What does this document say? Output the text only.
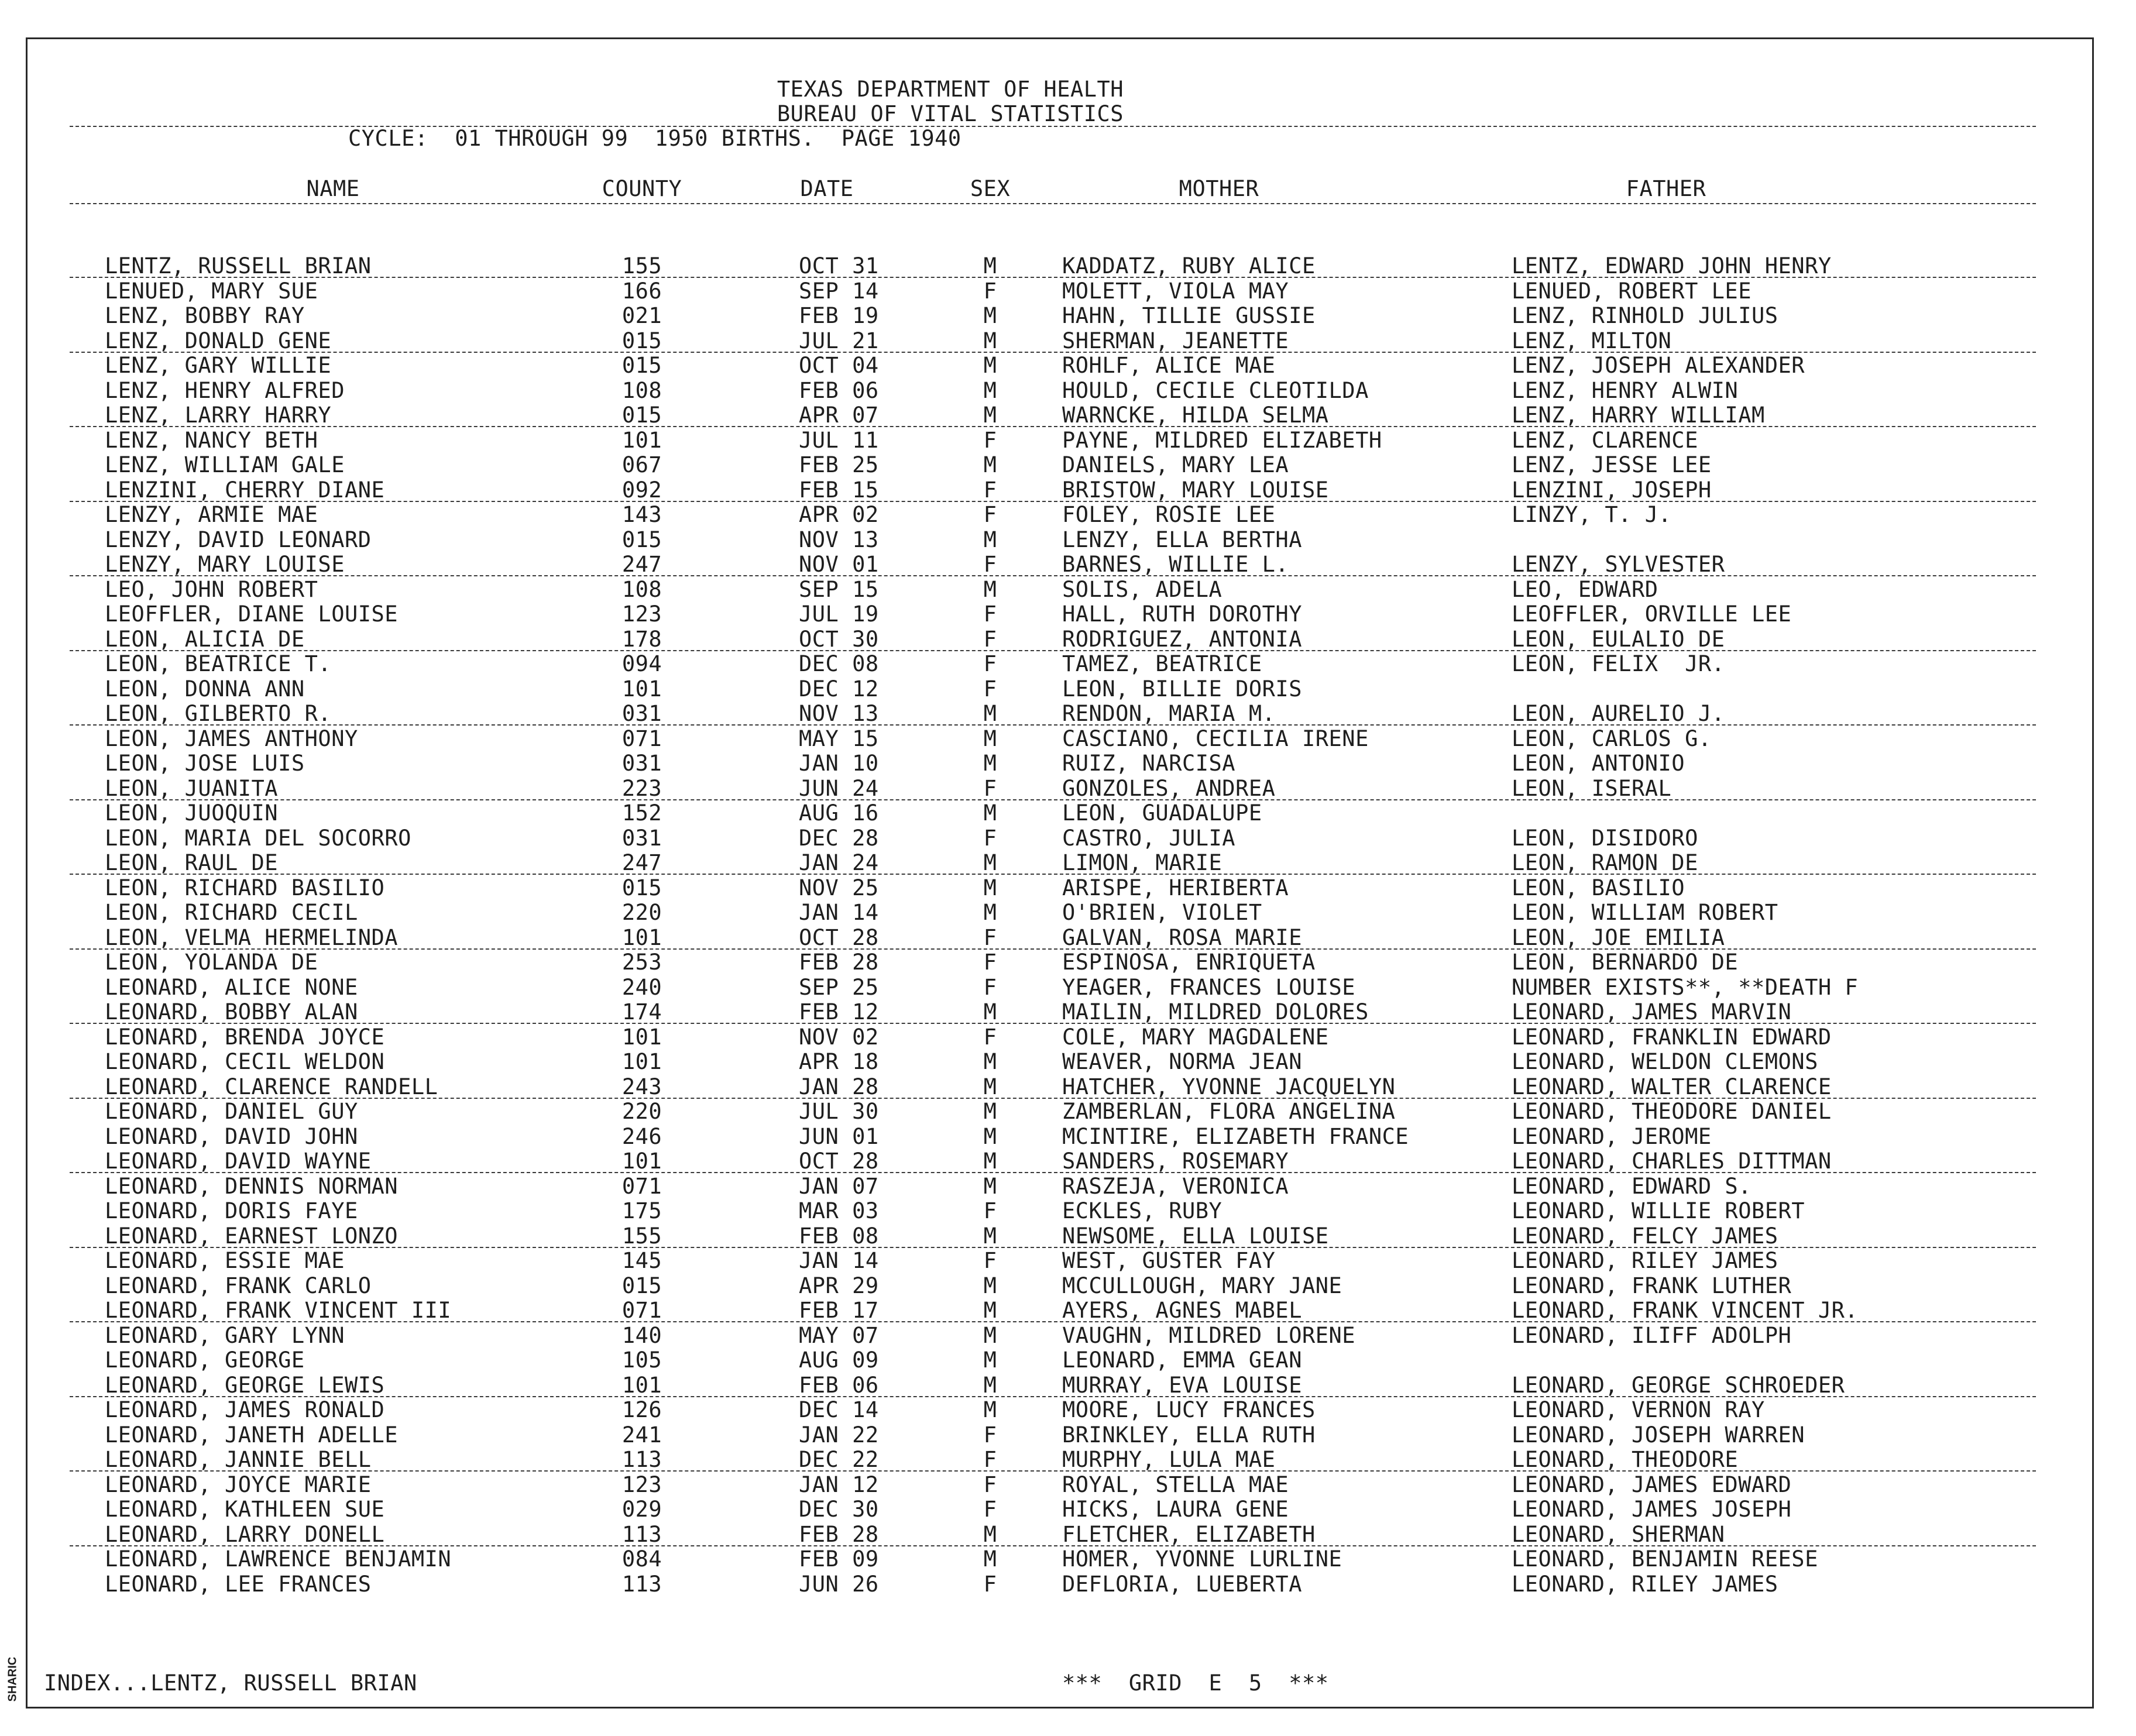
SHARIC
TEXAS DEPARTMENT OF HEALTH
BUREAU OF VITAL STATISTICS
CYCLE:  01 THROUGH 99  1950 BIRTHS.  PAGE 1940
NAME	COUNTY	DATE	SEX	MOTHER	FATHER
LENTZ, RUSSELL BRIAN	155	OCT 31	M	KADDATZ, RUBY ALICE	LENTZ, EDWARD JOHN HENRY
LENUED, MARY SUE	166	SEP 14	F	MOLETT, VIOLA MAY	LENUED, ROBERT LEE
LENZ, BOBBY RAY	021	FEB 19	M	HAHN, TILLIE GUSSIE	LENZ, RINHOLD JULIUS
LENZ, DONALD GENE	015	JUL 21	M	SHERMAN, JEANETTE	LENZ, MILTON
LENZ, GARY WILLIE	015	OCT 04	M	ROHLF, ALICE MAE	LENZ, JOSEPH ALEXANDER
LENZ, HENRY ALFRED	108	FEB 06	M	HOULD, CECILE CLEOTILDA	LENZ, HENRY ALWIN
LENZ, LARRY HARRY	015	APR 07	M	WARNCKE, HILDA SELMA	LENZ, HARRY WILLIAM
LENZ, NANCY BETH	101	JUL 11	F	PAYNE, MILDRED ELIZABETH	LENZ, CLARENCE
LENZ, WILLIAM GALE	067	FEB 25	M	DANIELS, MARY LEA	LENZ, JESSE LEE
LENZINI, CHERRY DIANE	092	FEB 15	F	BRISTOW, MARY LOUISE	LENZINI, JOSEPH
LENZY, ARMIE MAE	143	APR 02	F	FOLEY, ROSIE LEE	LINZY, T. J.
LENZY, DAVID LEONARD	015	NOV 13	M	LENZY, ELLA BERTHA
LENZY, MARY LOUISE	247	NOV 01	F	BARNES, WILLIE L.	LENZY, SYLVESTER
LEO, JOHN ROBERT	108	SEP 15	M	SOLIS, ADELA	LEO, EDWARD
LEOFFLER, DIANE LOUISE	123	JUL 19	F	HALL, RUTH DOROTHY	LEOFFLER, ORVILLE LEE
LEON, ALICIA DE	178	OCT 30	F	RODRIGUEZ, ANTONIA	LEON, EULALIO DE
LEON, BEATRICE T.	094	DEC 08	F	TAMEZ, BEATRICE	LEON, FELIX  JR.
LEON, DONNA ANN	101	DEC 12	F	LEON, BILLIE DORIS
LEON, GILBERTO R.	031	NOV 13	M	RENDON, MARIA M.	LEON, AURELIO J.
LEON, JAMES ANTHONY	071	MAY 15	M	CASCIANO, CECILIA IRENE	LEON, CARLOS G.
LEON, JOSE LUIS	031	JAN 10	M	RUIZ, NARCISA	LEON, ANTONIO
LEON, JUANITA	223	JUN 24	F	GONZOLES, ANDREA	LEON, ISERAL
LEON, JUOQUIN	152	AUG 16	M	LEON, GUADALUPE
LEON, MARIA DEL SOCORRO	031	DEC 28	F	CASTRO, JULIA	LEON, DISIDORO
LEON, RAUL DE	247	JAN 24	M	LIMON, MARIE	LEON, RAMON DE
LEON, RICHARD BASILIO	015	NOV 25	M	ARISPE, HERIBERTA	LEON, BASILIO
LEON, RICHARD CECIL	220	JAN 14	M	O'BRIEN, VIOLET	LEON, WILLIAM ROBERT
LEON, VELMA HERMELINDA	101	OCT 28	F	GALVAN, ROSA MARIE	LEON, JOE EMILIA
LEON, YOLANDA DE	253	FEB 28	F	ESPINOSA, ENRIQUETA	LEON, BERNARDO DE
LEONARD, ALICE NONE	240	SEP 25	F	YEAGER, FRANCES LOUISE	NUMBER EXISTS**, **DEATH F
LEONARD, BOBBY ALAN	174	FEB 12	M	MAILIN, MILDRED DOLORES	LEONARD, JAMES MARVIN
LEONARD, BRENDA JOYCE	101	NOV 02	F	COLE, MARY MAGDALENE	LEONARD, FRANKLIN EDWARD
LEONARD, CECIL WELDON	101	APR 18	M	WEAVER, NORMA JEAN	LEONARD, WELDON CLEMONS
LEONARD, CLARENCE RANDELL	243	JAN 28	M	HATCHER, YVONNE JACQUELYN	LEONARD, WALTER CLARENCE
LEONARD, DANIEL GUY	220	JUL 30	M	ZAMBERLAN, FLORA ANGELINA	LEONARD, THEODORE DANIEL
LEONARD, DAVID JOHN	246	JUN 01	M	MCINTIRE, ELIZABETH FRANCE	LEONARD, JEROME
LEONARD, DAVID WAYNE	101	OCT 28	M	SANDERS, ROSEMARY	LEONARD, CHARLES DITTMAN
LEONARD, DENNIS NORMAN	071	JAN 07	M	RASZEJA, VERONICA	LEONARD, EDWARD S.
LEONARD, DORIS FAYE	175	MAR 03	F	ECKLES, RUBY	LEONARD, WILLIE ROBERT
LEONARD, EARNEST LONZO	155	FEB 08	M	NEWSOME, ELLA LOUISE	LEONARD, FELCY JAMES
LEONARD, ESSIE MAE	145	JAN 14	F	WEST, GUSTER FAY	LEONARD, RILEY JAMES
LEONARD, FRANK CARLO	015	APR 29	M	MCCULLOUGH, MARY JANE	LEONARD, FRANK LUTHER
LEONARD, FRANK VINCENT III	071	FEB 17	M	AYERS, AGNES MABEL	LEONARD, FRANK VINCENT JR.
LEONARD, GARY LYNN	140	MAY 07	M	VAUGHN, MILDRED LORENE	LEONARD, ILIFF ADOLPH
LEONARD, GEORGE	105	AUG 09	M	LEONARD, EMMA GEAN
LEONARD, GEORGE LEWIS	101	FEB 06	M	MURRAY, EVA LOUISE	LEONARD, GEORGE SCHROEDER
LEONARD, JAMES RONALD	126	DEC 14	M	MOORE, LUCY FRANCES	LEONARD, VERNON RAY
LEONARD, JANETH ADELLE	241	JAN 22	F	BRINKLEY, ELLA RUTH	LEONARD, JOSEPH WARREN
LEONARD, JANNIE BELL	113	DEC 22	F	MURPHY, LULA MAE	LEONARD, THEODORE
LEONARD, JOYCE MARIE	123	JAN 12	F	ROYAL, STELLA MAE	LEONARD, JAMES EDWARD
LEONARD, KATHLEEN SUE	029	DEC 30	F	HICKS, LAURA GENE	LEONARD, JAMES JOSEPH
LEONARD, LARRY DONELL	113	FEB 28	M	FLETCHER, ELIZABETH	LEONARD, SHERMAN
LEONARD, LAWRENCE BENJAMIN	084	FEB 09	M	HOMER, YVONNE LURLINE	LEONARD, BENJAMIN REESE
LEONARD, LEE FRANCES	113	JUN 26	F	DEFLORIA, LUEBERTA	LEONARD, RILEY JAMES
INDEX...LENTZ, RUSSELL BRIAN	***  GRID  E  5  ***
